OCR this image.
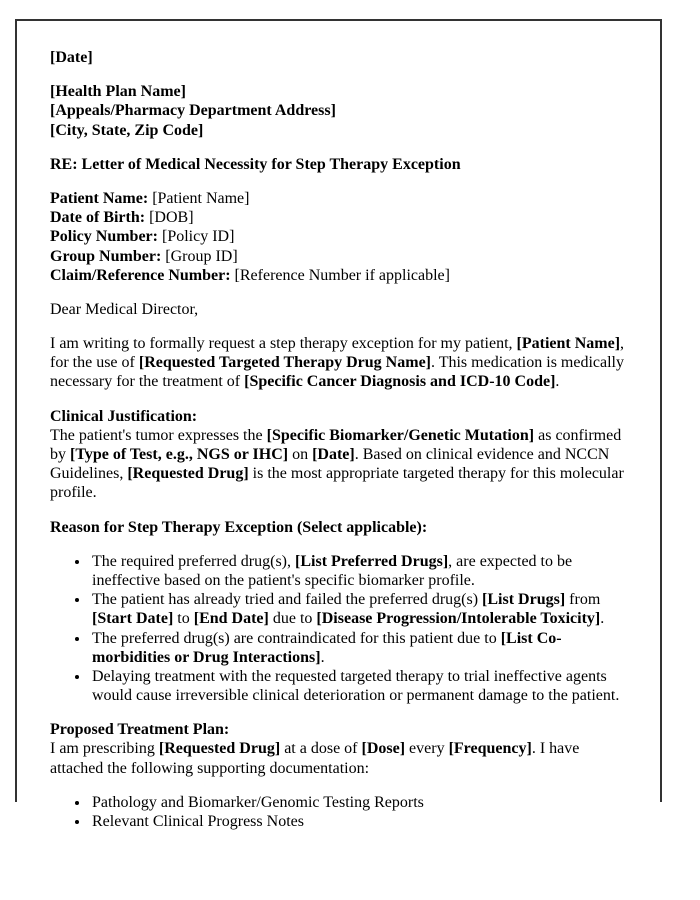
[Date]

[Health Plan Name]
[Appeals/Pharmacy Department Address]
[City, State, Zip Code]

RE: Letter of Medical Necessity for Step Therapy Exception

Patient Name: [Patient Name]
Date of Birth: [DOB]
Policy Number: [Policy ID]
Group Number: [Group ID]
Claim/Reference Number: [Reference Number if applicable]

Dear Medical Director,

I am writing to formally request a step therapy exception for my patient, [Patient Name], for the use of [Requested Targeted Therapy Drug Name]. This medication is medically necessary for the treatment of [Specific Cancer Diagnosis and ICD-10 Code].

Clinical Justification:
The patient's tumor expresses the [Specific Biomarker/Genetic Mutation] as confirmed by [Type of Test, e.g., NGS or IHC] on [Date]. Based on clinical evidence and NCCN Guidelines, [Requested Drug] is the most appropriate targeted therapy for this molecular profile.

Reason for Step Therapy Exception (Select applicable):

• The required preferred drug(s), [List Preferred Drugs], are expected to be ineffective based on the patient's specific biomarker profile.
• The patient has already tried and failed the preferred drug(s) [List Drugs] from [Start Date] to [End Date] due to [Disease Progression/Intolerable Toxicity].
• The preferred drug(s) are contraindicated for this patient due to [List Co-morbidities or Drug Interactions].
• Delaying treatment with the requested targeted therapy to trial ineffective agents would cause irreversible clinical deterioration or permanent damage to the patient.

Proposed Treatment Plan:
I am prescribing [Requested Drug] at a dose of [Dose] every [Frequency]. I have attached the following supporting documentation:

• Pathology and Biomarker/Genomic Testing Reports
• Relevant Clinical Progress Notes
